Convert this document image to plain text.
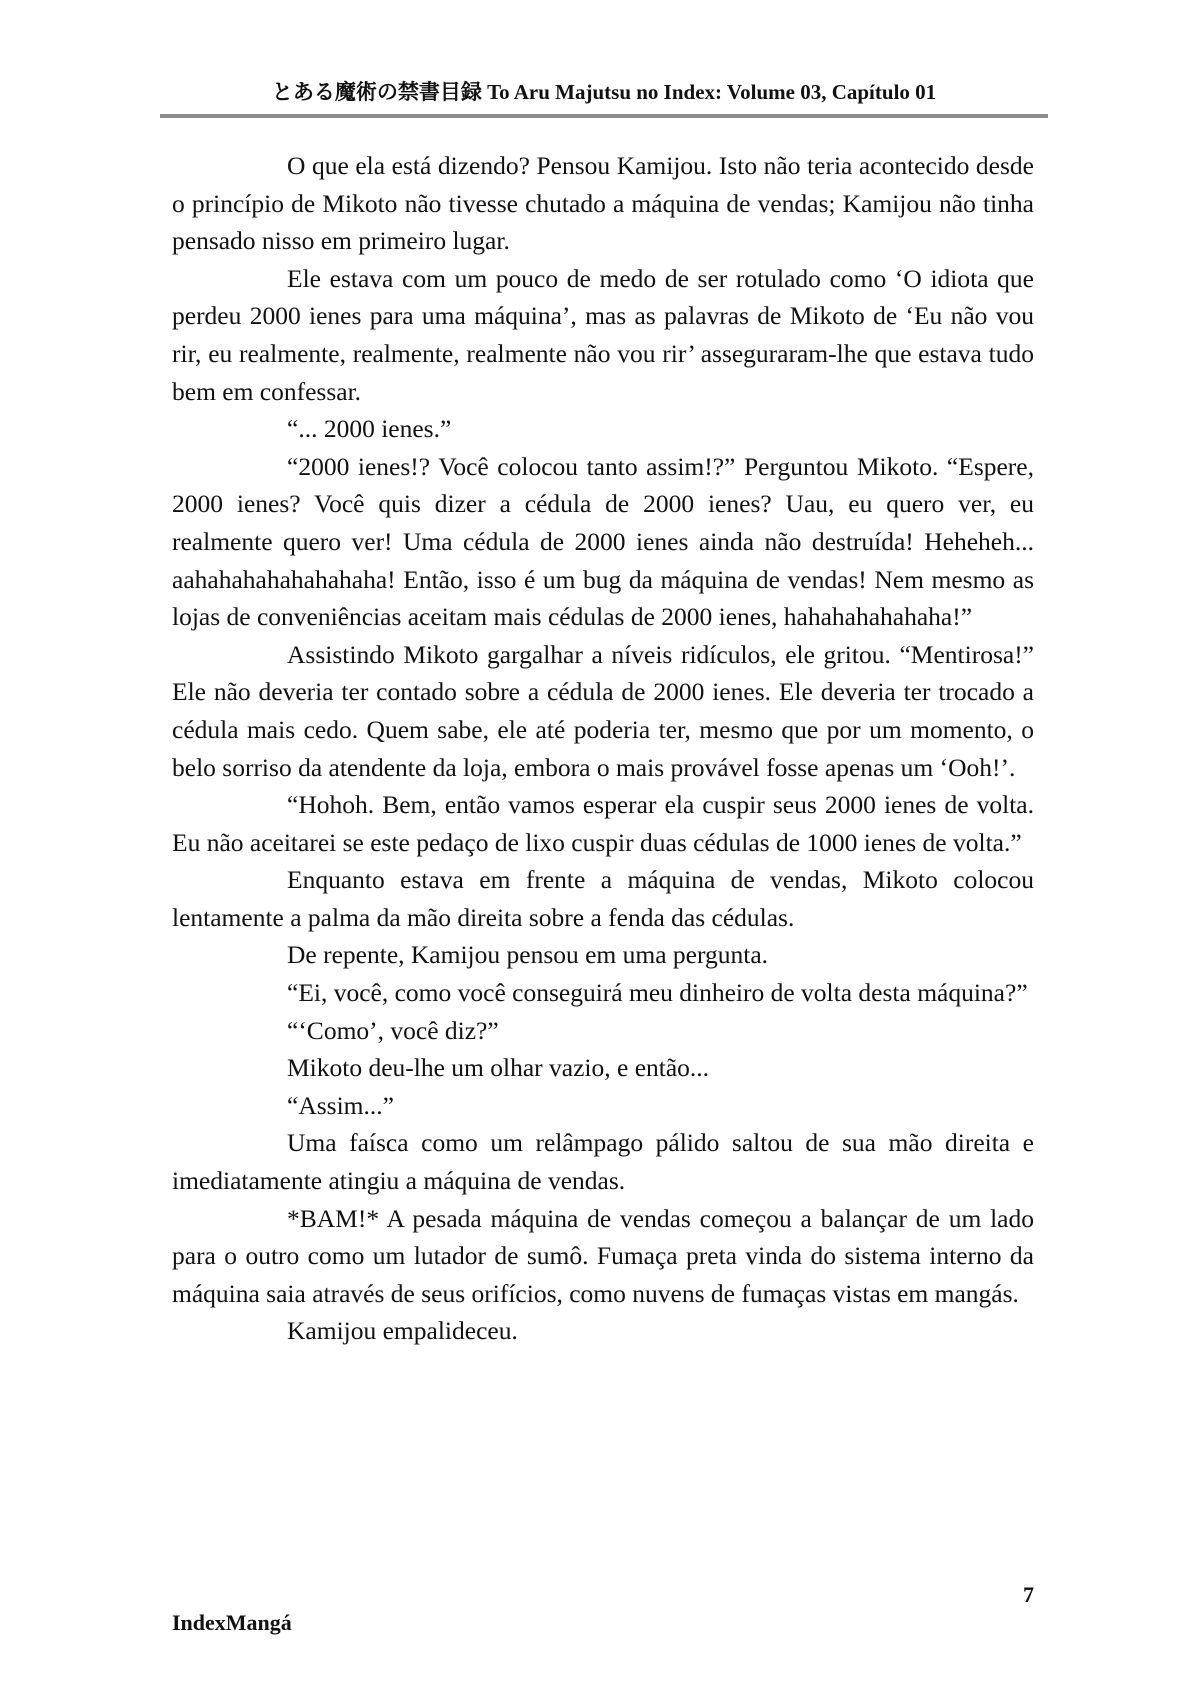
とある魔術の禁書目録 To Aru Majutsu no Index: Volume 03, Capítulo 01

O que ela está dizendo? Pensou Kamijou. Isto não teria acontecido desde o princípio de Mikoto não tivesse chutado a máquina de vendas; Kamijou não tinha pensado nisso em primeiro lugar.

Ele estava com um pouco de medo de ser rotulado como ‘O idiota que perdeu 2000 ienes para uma máquina’, mas as palavras de Mikoto de ‘Eu não vou rir, eu realmente, realmente, realmente não vou rir’ asseguraram-lhe que estava tudo bem em confessar.

“... 2000 ienes.”

“2000 ienes!? Você colocou tanto assim!?” Perguntou Mikoto. “Espere, 2000 ienes? Você quis dizer a cédula de 2000 ienes? Uau, eu quero ver, eu realmente quero ver! Uma cédula de 2000 ienes ainda não destruída! Heheheh... aahahahahahahahaha! Então, isso é um bug da máquina de vendas! Nem mesmo as lojas de conveniências aceitam mais cédulas de 2000 ienes, hahahahahahaha!”

Assistindo Mikoto gargalhar a níveis ridículos, ele gritou. “Mentirosa!” Ele não deveria ter contado sobre a cédula de 2000 ienes. Ele deveria ter trocado a cédula mais cedo. Quem sabe, ele até poderia ter, mesmo que por um momento, o belo sorriso da atendente da loja, embora o mais provável fosse apenas um ‘Ooh!’.

“Hohoh. Bem, então vamos esperar ela cuspir seus 2000 ienes de volta. Eu não aceitarei se este pedaço de lixo cuspir duas cédulas de 1000 ienes de volta.”

Enquanto estava em frente a máquina de vendas, Mikoto colocou lentamente a palma da mão direita sobre a fenda das cédulas.

De repente, Kamijou pensou em uma pergunta.

“Ei, você, como você conseguirá meu dinheiro de volta desta máquina?”

“‘Como’, você diz?”

Mikoto deu-lhe um olhar vazio, e então...

“Assim...”

Uma faísca como um relâmpago pálido saltou de sua mão direita e imediatamente atingiu a máquina de vendas.

*BAM!* A pesada máquina de vendas começou a balançar de um lado para o outro como um lutador de sumô. Fumaça preta vinda do sistema interno da máquina saia através de seus orifícios, como nuvens de fumaças vistas em mangás.

Kamijou empalideceu.

7
IndexMangá
